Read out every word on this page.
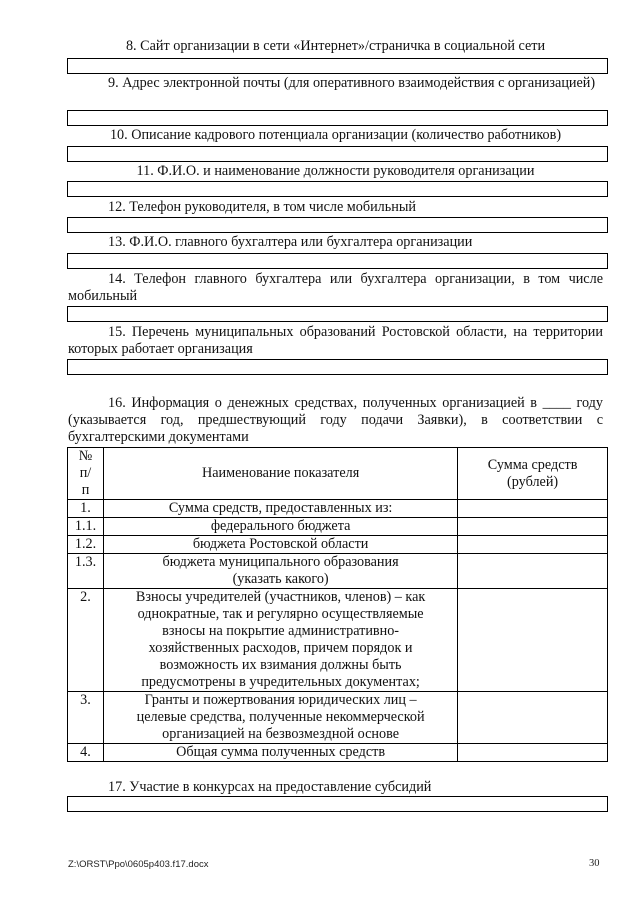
8. Сайт организации в сети «Интернет»/страничка в социальной сети
9. Адрес электронной почты (для оперативного взаимодействия с организацией)
10. Описание кадрового потенциала организации (количество работников)
11. Ф.И.О. и наименование должности руководителя организации
12. Телефон руководителя, в том числе мобильный
13. Ф.И.О. главного бухгалтера или бухгалтера организации
14. Телефон главного бухгалтера или бухгалтера организации, в том числе мобильный
15. Перечень муниципальных образований Ростовской области, на территории которых работает организация
16. Информация о денежных средствах, полученных организацией в ____ году (указывается год, предшествующий году подачи Заявки), в соответствии с бухгалтерскими документами
№ п/п	Наименование показателя	Сумма средств (рублей)
1.	Сумма средств, предоставленных из:	
1.1.	федерального бюджета	
1.2.	бюджета Ростовской области	
1.3.	бюджета муниципального образования (указать какого)	
2.	Взносы учредителей (участников, членов) – как однократные, так и регулярно осуществляемые взносы на покрытие административно-хозяйственных расходов, причем порядок и возможность их взимания должны быть предусмотрены в учредительных документах;	
3.	Гранты и пожертвования юридических лиц – целевые средства, полученные некоммерческой организацией на безвозмездной основе	
4.	Общая сумма полученных средств	
17. Участие в конкурсах на предоставление субсидий
Z:\ORST\Ppo\0605p403.f17.docx	30
